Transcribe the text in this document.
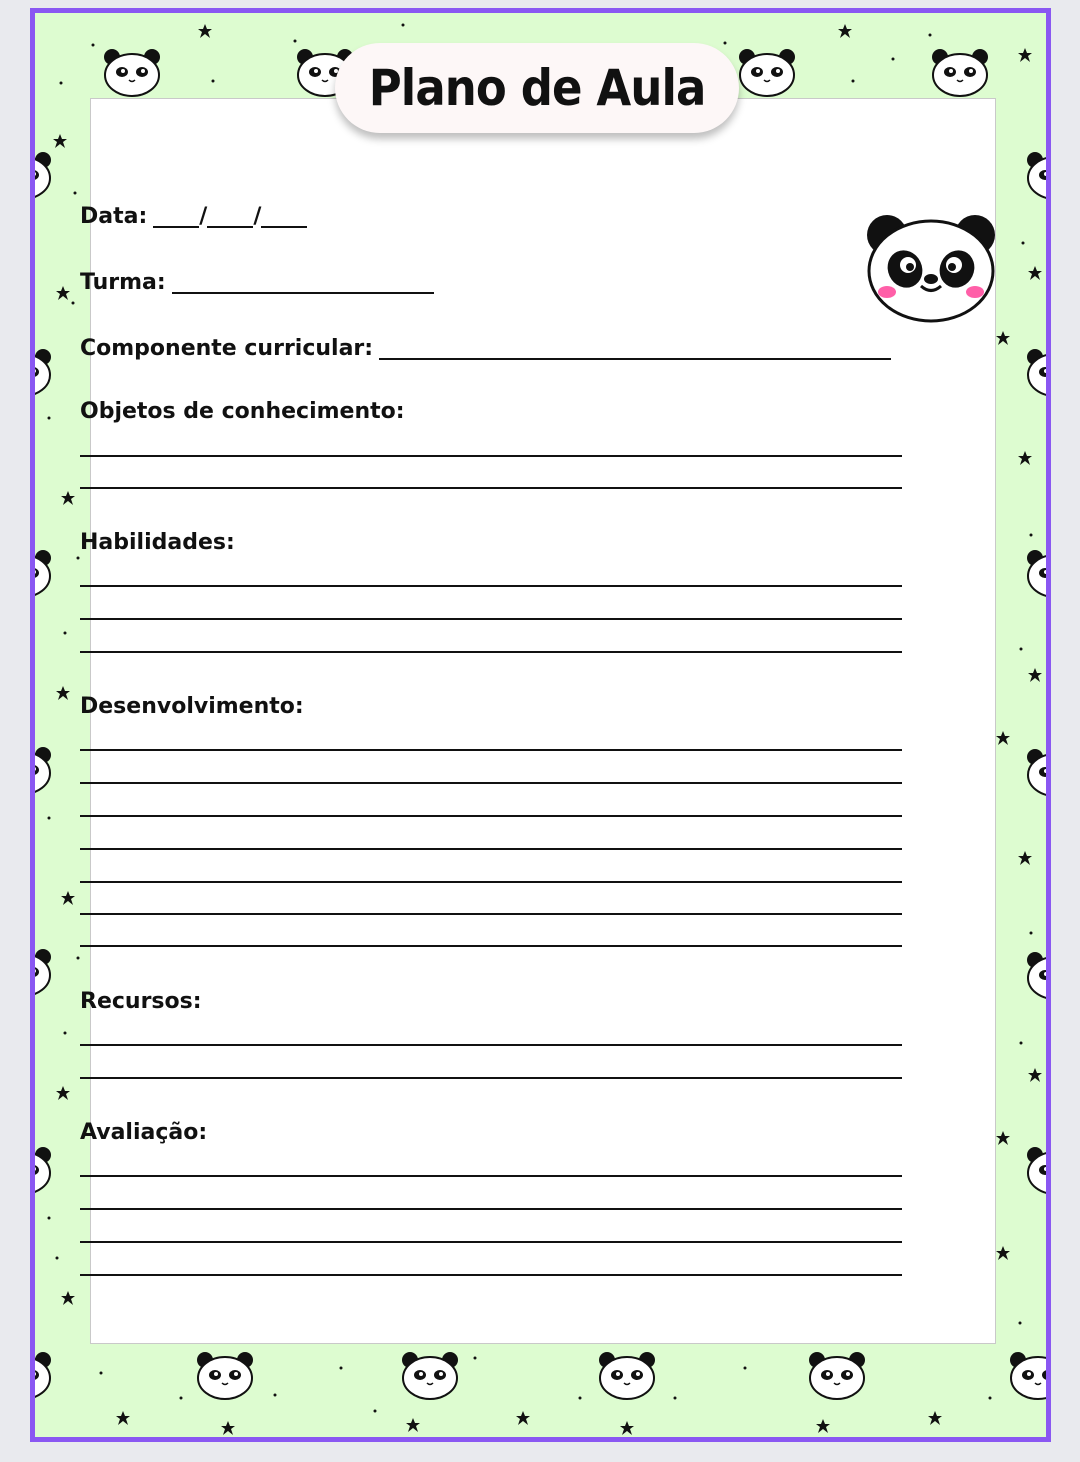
Plano de Aula
Data: / /
Turma:
Componente curricular:
Objetos de conhecimento:
Habilidades:
Desenvolvimento:
Recursos:
Avaliação:
